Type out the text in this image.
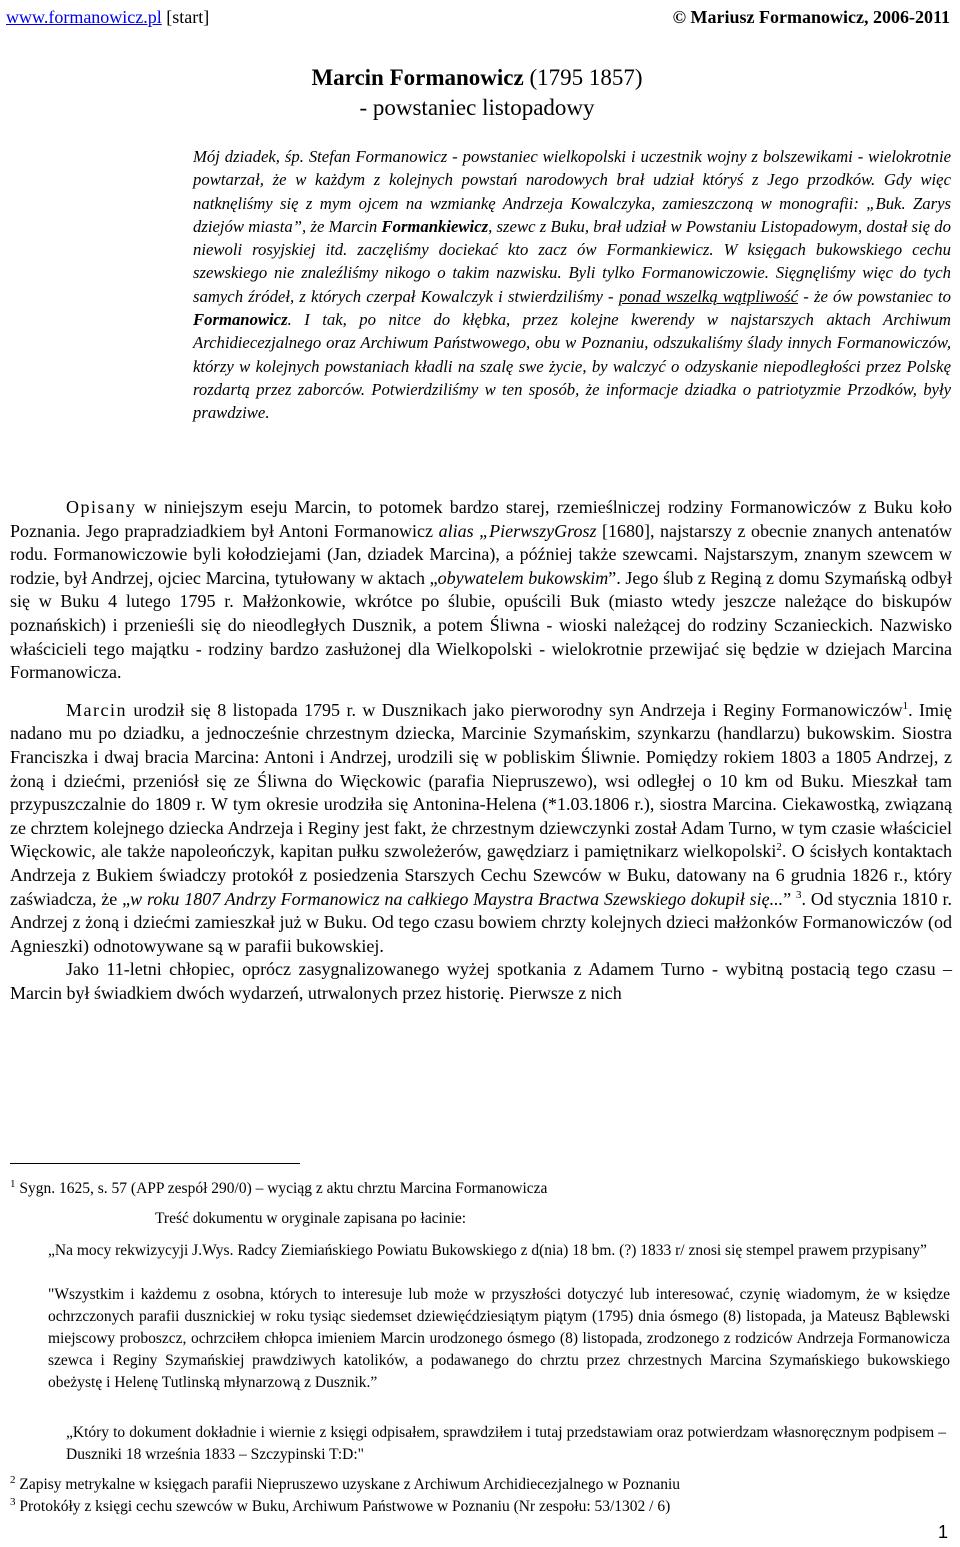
www.formanowicz.pl [start]	© Mariusz Formanowicz, 2006-2011
Marcin Formanowicz (1795 1857)
- powstaniec listopadowy
Mój dziadek, śp. Stefan Formanowicz - powstaniec wielkopolski i uczestnik wojny z bolszewikami - wielokrotnie powtarzał, że w każdym z kolejnych powstań narodowych brał udział któryś z Jego przodków. Gdy więc natknęliśmy się z mym ojcem na wzmiankę Andrzeja Kowalczyka, zamieszczoną w monografii: „Buk. Zarys dziejów miasta”, że Marcin Formankiewicz, szewc z Buku, brał udział w Powstaniu Listopadowym, dostał się do niewoli rosyjskiej itd. zaczęliśmy dociekać kto zacz ów Formankiewicz. W księgach bukowskiego cechu szewskiego nie znaleźliśmy nikogo o takim nazwisku. Byli tylko Formanowiczowie. Sięgnęliśmy więc do tych samych źródeł, z których czerpał Kowalczyk i stwierdziliśmy - ponad wszelką wątpliwość - że ów powstaniec to Formanowicz. I tak, po nitce do kłębka, przez kolejne kwerendy w najstarszych aktach Archiwum Archidiecezjalnego oraz Archiwum Państwowego, obu w Poznaniu, odszukaliśmy ślady innych Formanowiczów, którzy w kolejnych powstaniach kładli na szalę swe życie, by walczyć o odzyskanie niepodległości przez Polskę rozdartą przez zaborców. Potwierdziliśmy w ten sposób, że informacje dziadka o patriotyzmie Przodków, były prawdziwe.

Opisany w niniejszym eseju Marcin, to potomek bardzo starej, rzemieślniczej rodziny Formanowiczów z Buku koło Poznania. Jego prapradziadkiem był Antoni Formanowicz alias „PierwszyGrosz [1680], najstarszy z obecnie znanych antenatów rodu. Formanowiczowie byli kołodziejami (Jan, dziadek Marcina), a później także szewcami. Najstarszym, znanym szewcem w rodzie, był Andrzej, ojciec Marcina, tytułowany w aktach „obywatelem bukowskim”. Jego ślub z Reginą z domu Szymańską odbył się w Buku 4 lutego 1795 r. Małżonkowie, wkrótce po ślubie, opuścili Buk (miasto wtedy jeszcze należące do biskupów poznańskich) i przenieśli się do nieodległych Dusznik, a potem Śliwna - wioski należącej do rodziny Sczanieckich. Nazwisko właścicieli tego majątku - rodziny bardzo zasłużonej dla Wielkopolski - wielokrotnie przewijać się będzie w dziejach Marcina Formanowicza.

Marcin urodził się 8 listopada 1795 r. w Dusznikach jako pierworodny syn Andrzeja i Reginy Formanowiczów$^1$. Imię nadano mu po dziadku, a jednocześnie chrzestnym dziecka, Marcinie Szymańskim, szynkarzu (handlarzu) bukowskim. Siostra Franciszka i dwaj bracia Marcina: Antoni i Andrzej, urodzili się w pobliskim Śliwnie. Pomiędzy rokiem 1803 a 1805 Andrzej, z żoną i dziećmi, przeniósł się ze Śliwna do Więckowic (parafia Niepruszewo), wsi odległej o 10 km od Buku. Mieszkał tam przypuszczalnie do 1809 r. W tym okresie urodziła się Antonina-Helena (*1.03.1806 r.), siostra Marcina. Ciekawostką, związaną ze chrztem kolejnego dziecka Andrzeja i Reginy jest fakt, że chrzestnym dziewczynki został Adam Turno, w tym czasie właściciel Więckowic, ale także napoleończyk, kapitan pułku szwoleżerów, gawędziarz i pamiętnikarz wielkopolski$^2$. O ścisłych kontaktach Andrzeja z Bukiem świadczy protokół z posiedzenia Starszych Cechu Szewców w Buku, datowany na 6 grudnia 1826 r., który zaświadcza, że „w roku 1807 Andrzy Formanowicz na całkiego Maystra Bractwa Szewskiego dokupił się...” $^3$. Od stycznia 1810 r. Andrzej z żoną i dziećmi zamieszkał już w Buku. Od tego czasu bowiem chrzty kolejnych dzieci małżonków Formanowiczów (od Agnieszki) odnotowywane są w parafii bukowskiej.

Jako 11-letni chłopiec, oprócz zasygnalizowanego wyżej spotkania z Adamem Turno - wybitną postacią tego czasu – Marcin był świadkiem dwóch wydarzeń, utrwalonych przez historię. Pierwsze z nich

$^1$ Sygn. 1625, s. 57 (APP zespół 290/0) – wyciąg z aktu chrztu Marcina Formanowicza
Treść dokumentu w oryginale zapisana po łacinie:
„Na mocy rekwizycyji J.Wys. Radcy Ziemiańskiego Powiatu Bukowskiego z d(nia) 18 bm. (?) 1833 r/ znosi się stempel prawem przypisany”
"Wszystkim i każdemu z osobna, których to interesuje lub może w przyszłości dotyczyć lub interesować, czynię wiadomym, że w księdze ochrzczonych parafii dusznickiej w roku tysiąc siedemset dziewięćdziesiątym piątym (1795) dnia ósmego (8) listopada, ja Mateusz Bąblewski miejscowy proboszcz, ochrzciłem chłopca imieniem Marcin urodzonego ósmego (8) listopada, zrodzonego z rodziców Andrzeja Formanowicza szewca i Reginy Szymańskiej prawdziwych katolików, a podawanego do chrztu przez chrzestnych Marcina Szymańskiego bukowskiego obeżystę i Helenę Tutlinską młynarzową z Dusznik.”
„Który to dokument dokładnie i wiernie z księgi odpisałem, sprawdziłem i tutaj przedstawiam oraz potwierdzam własnoręcznym podpisem – Duszniki 18 września 1833 – Szczypinski T:D:"
$^2$ Zapisy metrykalne w księgach parafii Niepruszewo uzyskane z Archiwum Archidiecezjalnego w Poznaniu
$^3$ Protokóły z księgi cechu szewców w Buku, Archiwum Państwowe w Poznaniu (Nr zespołu: 53/1302 / 6)
1
